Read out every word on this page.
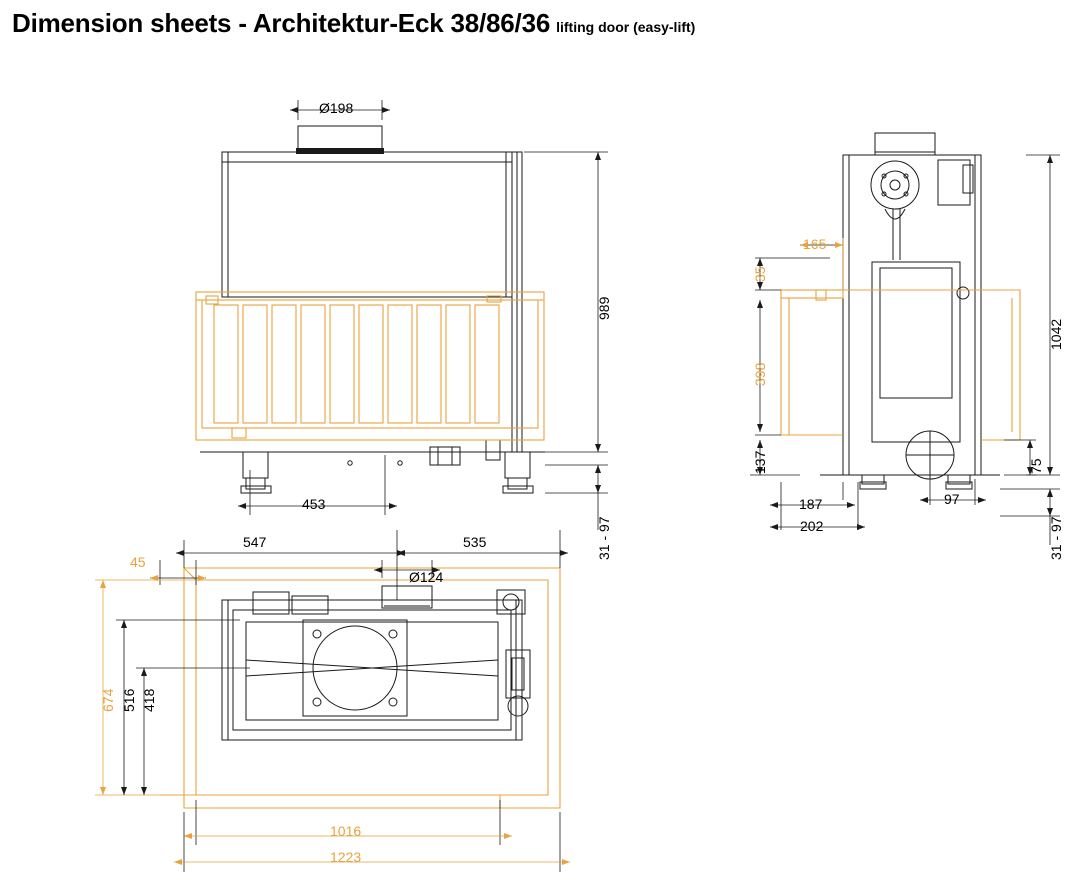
Dimension sheets - Architektur-Eck 38/86/36 lifting door (easy-lift)
Ø198
989
453
31 - 97
1042
35
165
398
137	75
187
202
97
31 - 97
45
547	535
Ø124
674 516 418
1016
1223
